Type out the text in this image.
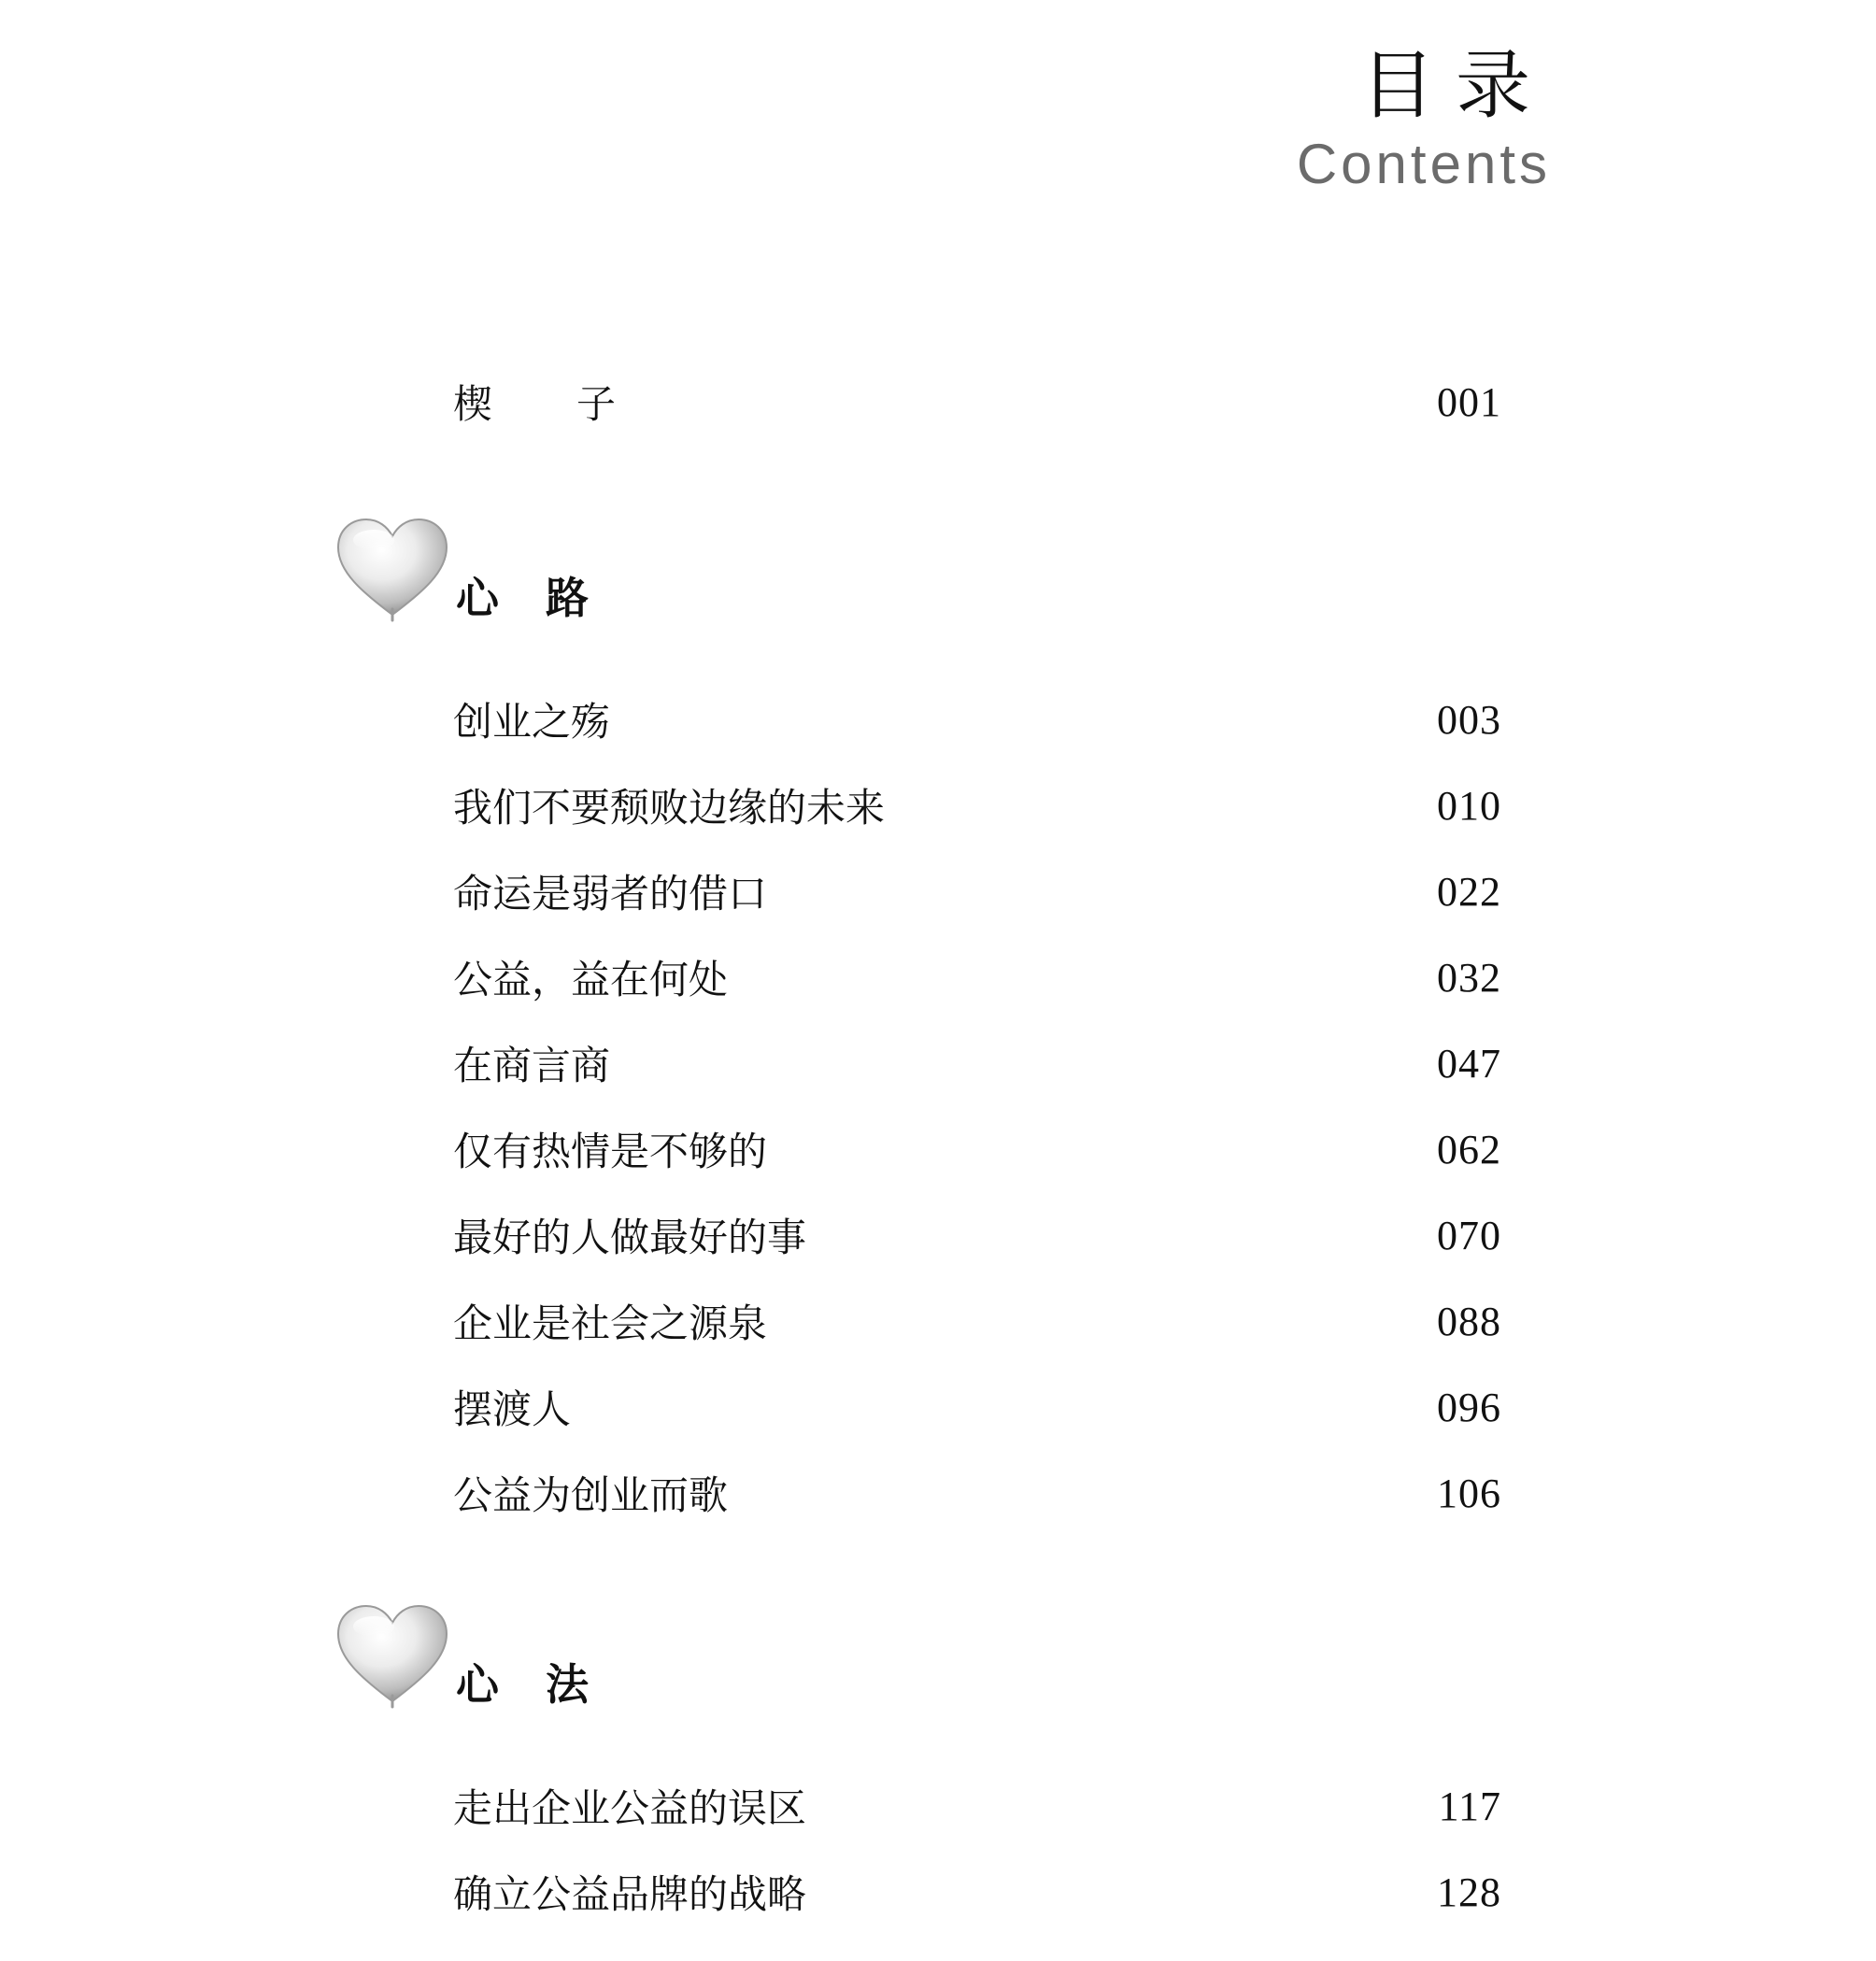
目录
Contents
楔子	001
心路
创业之殇	003
我们不要颓败边缘的未来	010
命运是弱者的借口	022
公益，益在何处	032
在商言商	047
仅有热情是不够的	062
最好的人做最好的事	070
企业是社会之源泉	088
摆渡人	096
公益为创业而歌	106
心法
走出企业公益的误区	117
确立公益品牌的战略	128
